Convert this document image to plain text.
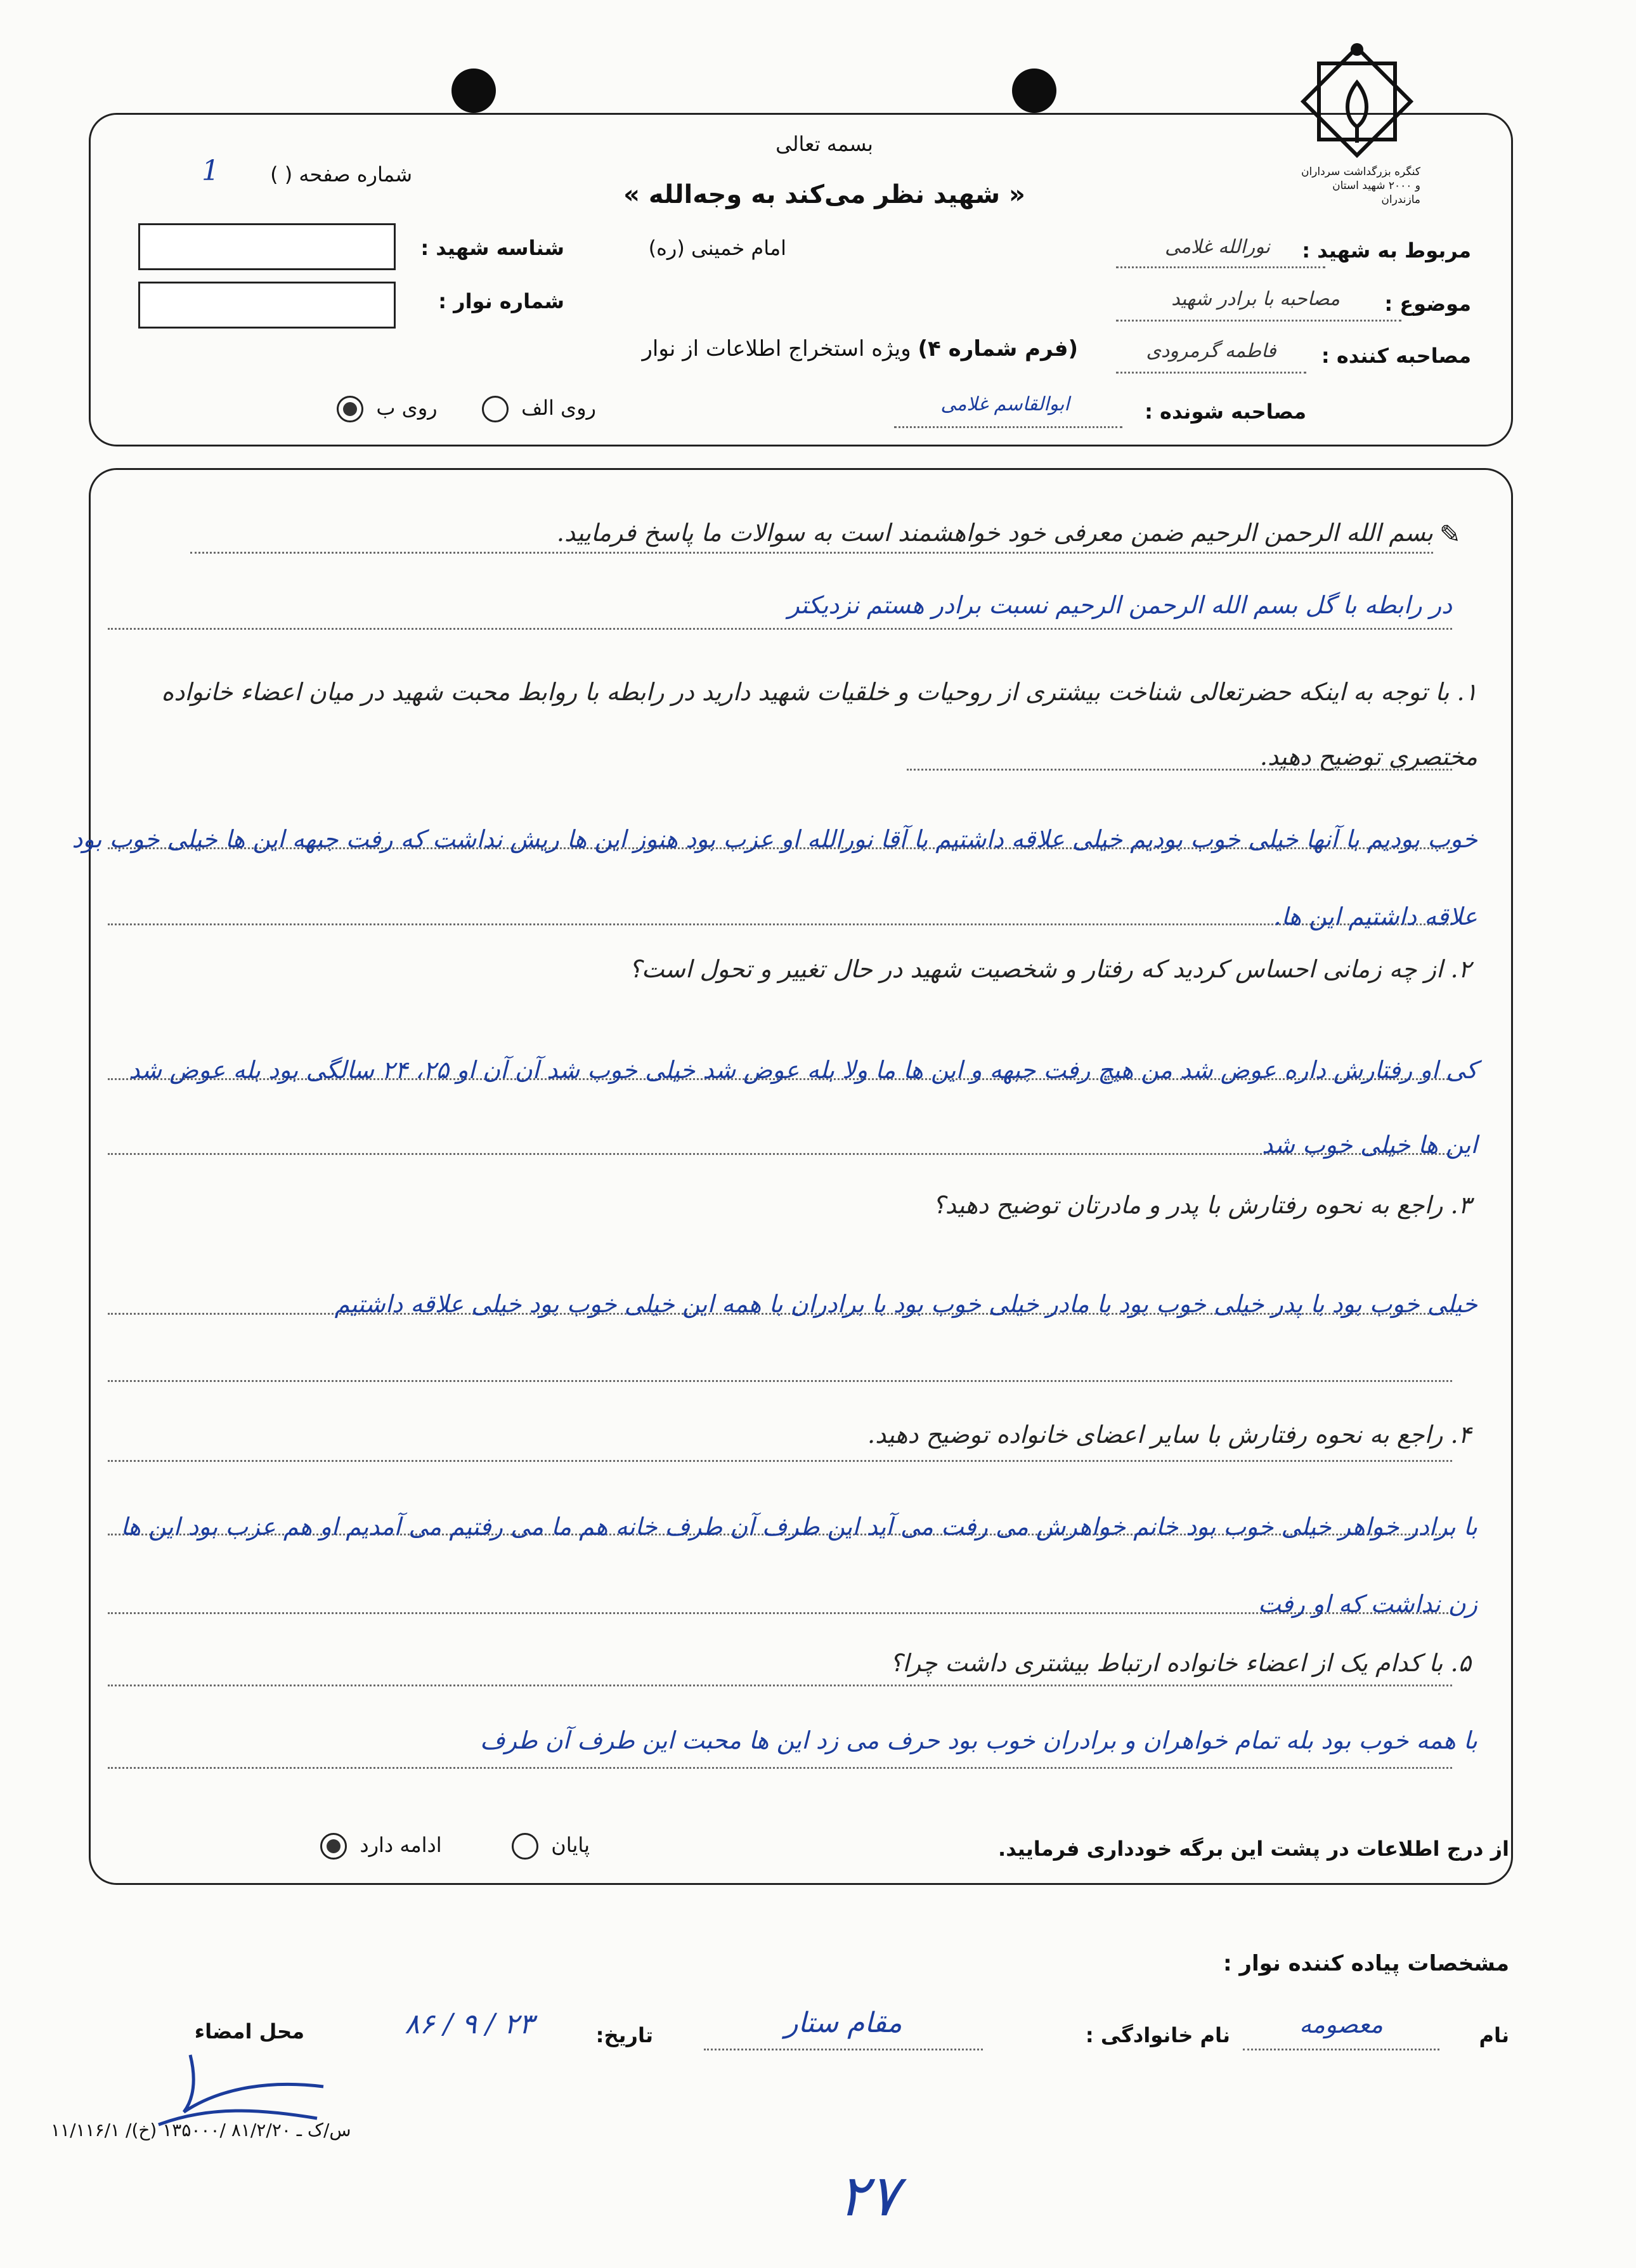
کنگره بزرگداشت سرداران و ۲۰۰۰ شهید استان مازندران
بسمه تعالی
« شهید نظر می‌کند به وجه‌الله »
شماره صفحه ( )
1
امام خمینی (ره)
شناسه شهید :
شماره نوار :
(فرم شماره ۴) ویژه استخراج اطلاعات از نوار
روی الف   روی ب
مربوط به شهید :
نورالله غلامی
موضوع :
مصاحبه با برادر شهید
مصاحبه کننده :
فاطمه گرمرودی
مصاحبه شونده :
ابوالقاسم غلامی
✎
بسم الله الرحمن الرحیم ضمن معرفی خود خواهشمند است به سوالات ما پاسخ فرمایید.
در رابطه با گل بسم الله الرحمن الرحیم نسبت برادر هستم نزدیکتر
۱. با توجه به اینکه حضرتعالی شناخت بیشتری از روحیات و خلقیات شهید دارید در رابطه با روابط محبت شهید در میان اعضاء خانواده مختصری توضیح دهید.
خوب بودیم با آنها خیلی خوب بودیم خیلی علاقه داشتیم با آقا نورالله او عزب بود هنوز این ها ریش نداشت که رفت جبهه این ها خیلی خوب بود علاقه داشتیم این ها.
۲. از چه زمانی احساس کردید که رفتار و شخصیت شهید در حال تغییر و تحول است؟
کی او رفتارش داره عوض شد من هیچ رفت جبهه و این ها ما ولا بله عوض شد خیلی خوب شد آن آن او ۲۵، ۲۴ سالگی بود بله عوض شد این ها خیلی خوب شد
۳. راجع به نحوه رفتارش با پدر و مادرتان توضیح دهید؟
خیلی خوب بود با پدر خیلی خوب بود با مادر خیلی خوب بود با برادران با همه این خیلی خوب بود خیلی علاقه داشتیم
۴. راجع به نحوه رفتارش با سایر اعضای خانواده توضیح دهید.
با برادر خواهر خیلی خوب بود خانم خواهرش می رفت می آید این طرف آن طرف خانه هم ما می رفتیم می آمدیم او هم عزب بود این ها زن نداشت که او رفت
۵. با کدام یک از اعضاء خانواده ارتباط بیشتری داشت چرا؟
با همه خوب بود بله تمام خواهران و برادران خوب بود حرف می زد این ها محبت این طرف آن طرف
از درج اطلاعات در پشت این برگه خودداری فرمایید.
پایان   ادامه دارد
مشخصات پیاده کننده نوار :
نام
معصومه
نام خانوادگی :
مقام ستار
تاریخ:
۸۶ / ۹ / ۲۳
محل امضاء
۱۱/۱۱۶/۱ /س/ک ـ ۸۱/۲/۲۰ /۱۳۵۰۰۰ (خ)
۲۷
